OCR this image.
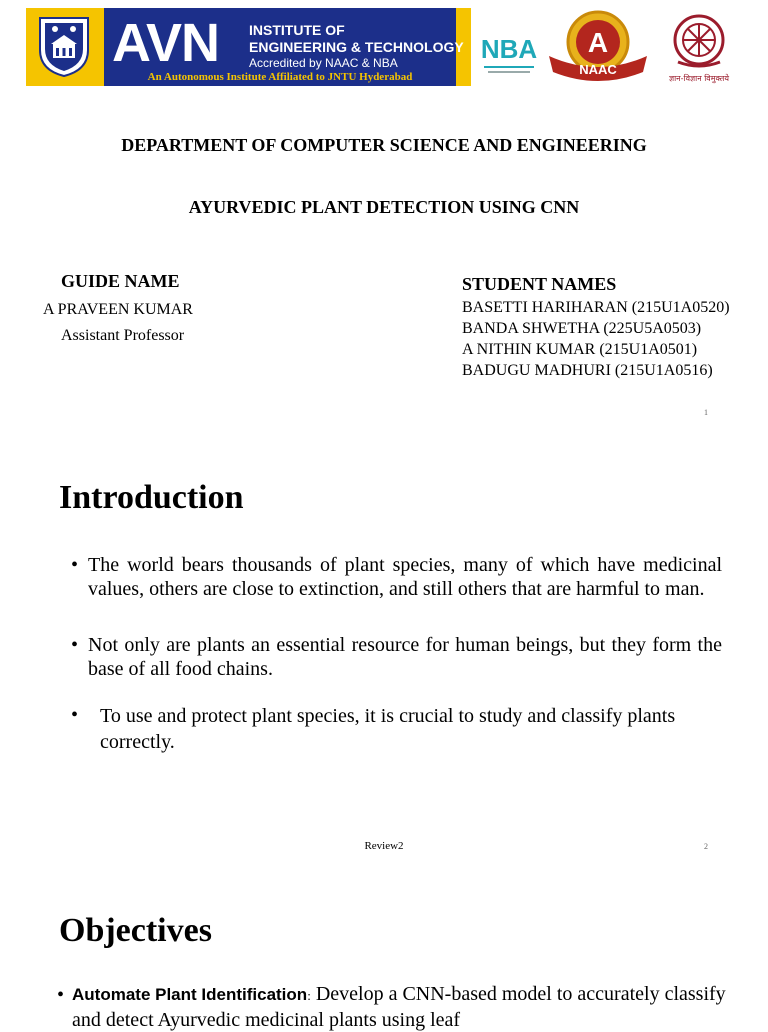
AVN INSTITUTE OF
ENGINEERING & TECHNOLOGY
Accredited by NAAC & NBA
An Autonomous Institute Affiliated to JNTU Hyderabad
NBA A
NAAC
ज्ञान-विज्ञान विमुक्तये
DEPARTMENT OF COMPUTER SCIENCE AND ENGINEERING
AYURVEDIC PLANT DETECTION USING CNN
GUIDE NAME
A PRAVEEN KUMAR
Assistant Professor
STUDENT NAMES
BASETTI HARIHARAN (215U1A0520)
BANDA SHWETHA (225U5A0503)
A NITHIN KUMAR (215U1A0501)
BADUGU MADHURI (215U1A0516)
1
Introduction
• The world bears thousands of plant species, many of which have medicinal values, others are close to extinction, and still others that are harmful to man.
• Not only are plants an essential resource for human beings, but they form the base of all food chains.
• To use and protect plant species, it is crucial to study and classify plants correctly.
Review2	2
Objectives
• Automate Plant Identification: Develop a CNN-based model to accurately classify and detect Ayurvedic medicinal plants using leaf
